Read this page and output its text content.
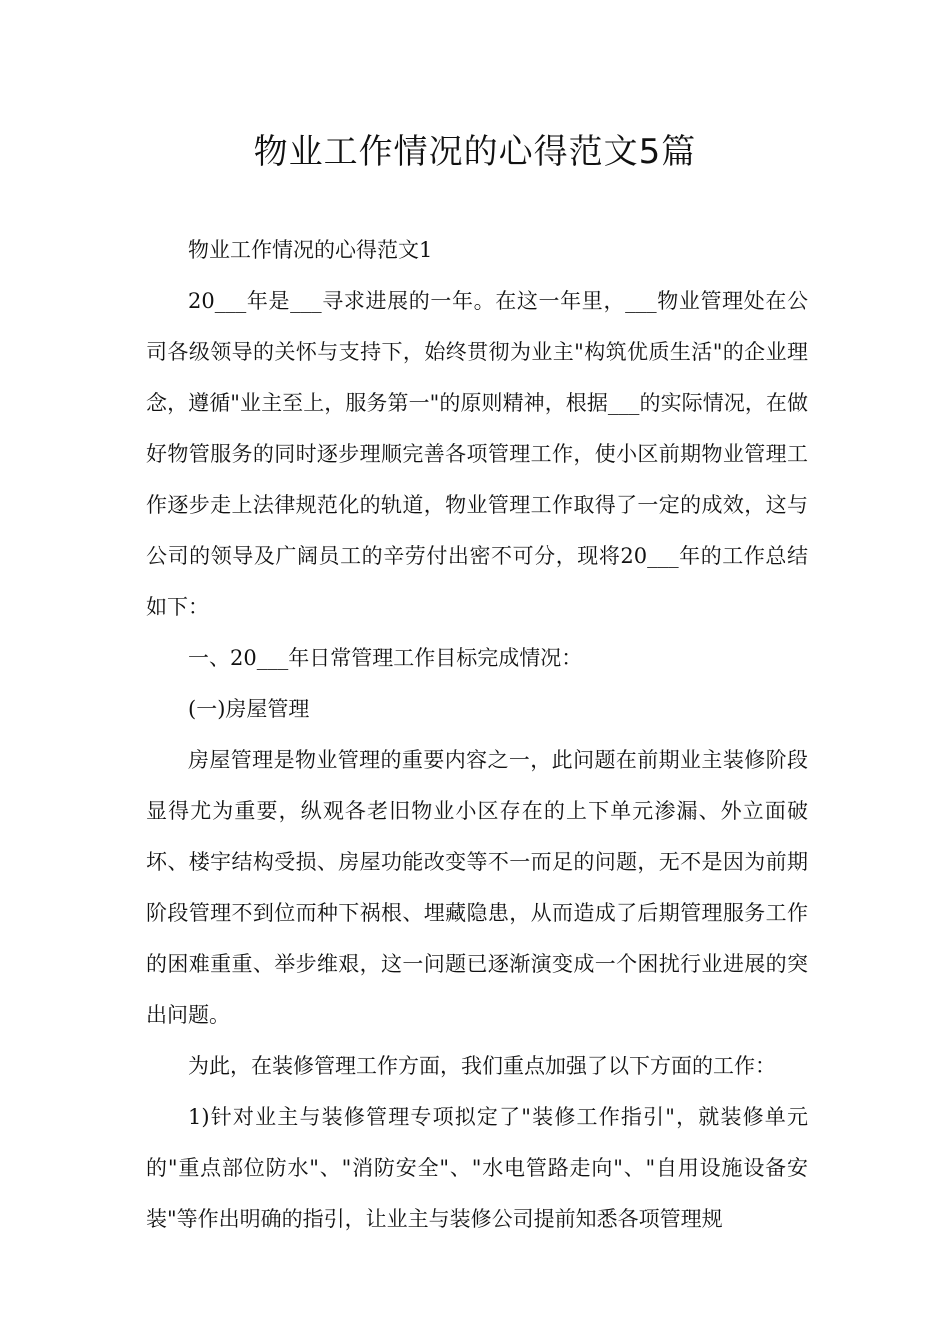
物业工作情况的心得范文5篇

物业工作情况的心得范文1

20___年是___寻求进展的一年。在这一年里，___物业管理处在公司各级领导的关怀与支持下，始终贯彻为业主"构筑优质生活"的企业理念，遵循"业主至上，服务第一"的原则精神，根据___的实际情况，在做好物管服务的同时逐步理顺完善各项管理工作，使小区前期物业管理工作逐步走上法律规范化的轨道，物业管理工作取得了一定的成效，这与公司的领导及广阔员工的辛劳付出密不可分，现将20___年的工作总结如下：

一、20___年日常管理工作目标完成情况：

(一)房屋管理

房屋管理是物业管理的重要内容之一，此问题在前期业主装修阶段显得尤为重要，纵观各老旧物业小区存在的上下单元渗漏、外立面破坏、楼宇结构受损、房屋功能改变等不一而足的问题，无不是因为前期阶段管理不到位而种下祸根、埋藏隐患，从而造成了后期管理服务工作的困难重重、举步维艰，这一问题已逐渐演变成一个困扰行业进展的突出问题。

为此，在装修管理工作方面，我们重点加强了以下方面的工作：

1)针对业主与装修管理专项拟定了"装修工作指引"，就装修单元的"重点部位防水"、"消防安全"、"水电管路走向"、"自用设施设备安装"等作出明确的指引，让业主与装修公司提前知悉各项管理规
